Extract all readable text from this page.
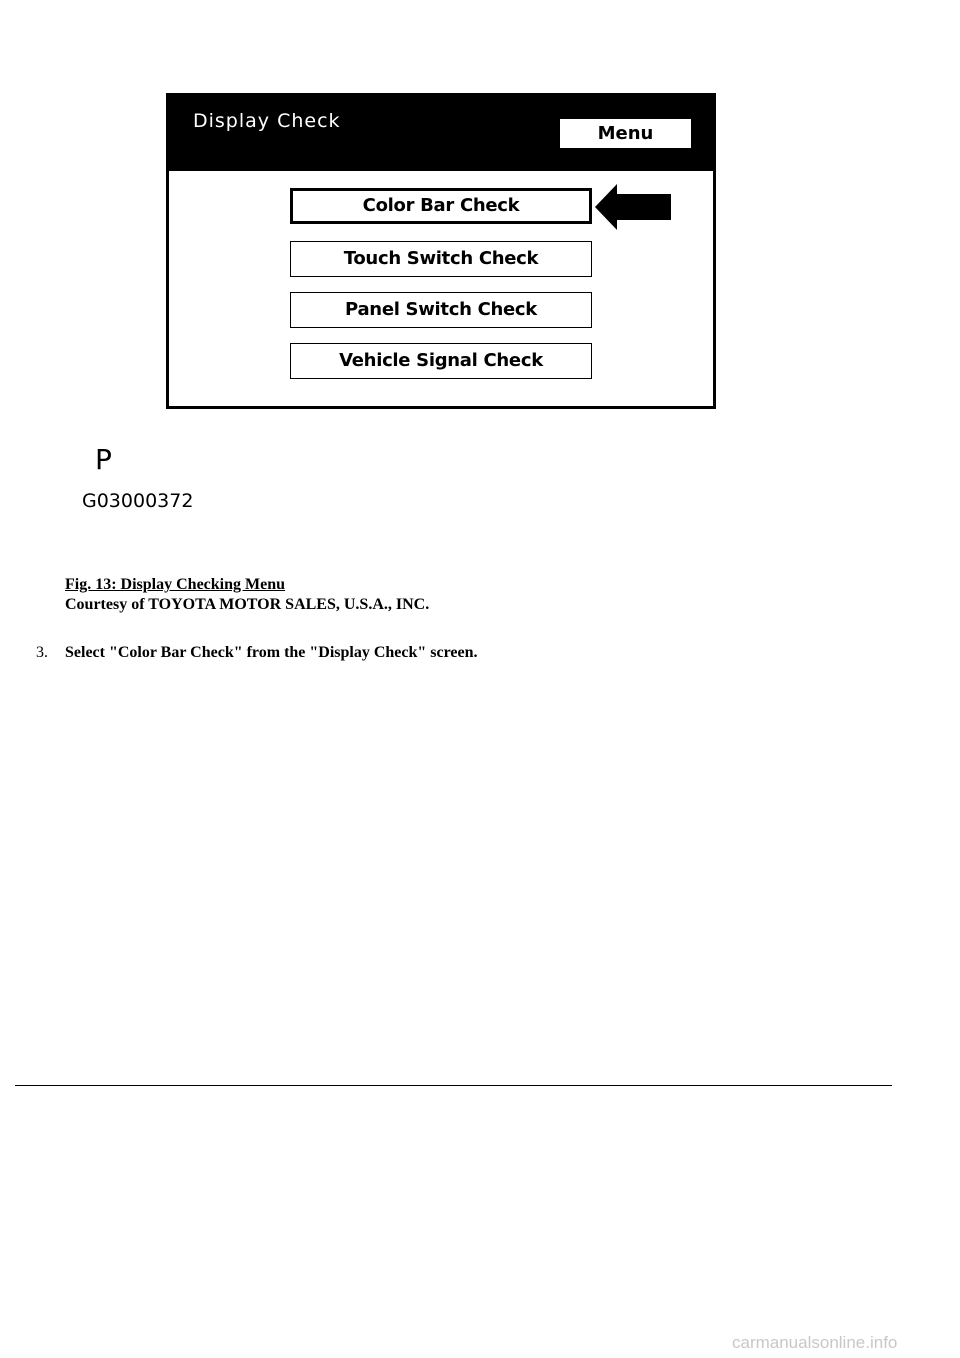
Display Check
Menu
Color Bar Check
Touch Switch Check
Panel Switch Check
Vehicle Signal Check
P
G03000372
Fig. 13: Display Checking Menu
Courtesy of TOYOTA MOTOR SALES, U.S.A., INC.
3. Select "Color Bar Check" from the "Display Check" screen.
carmanualsonline.info
